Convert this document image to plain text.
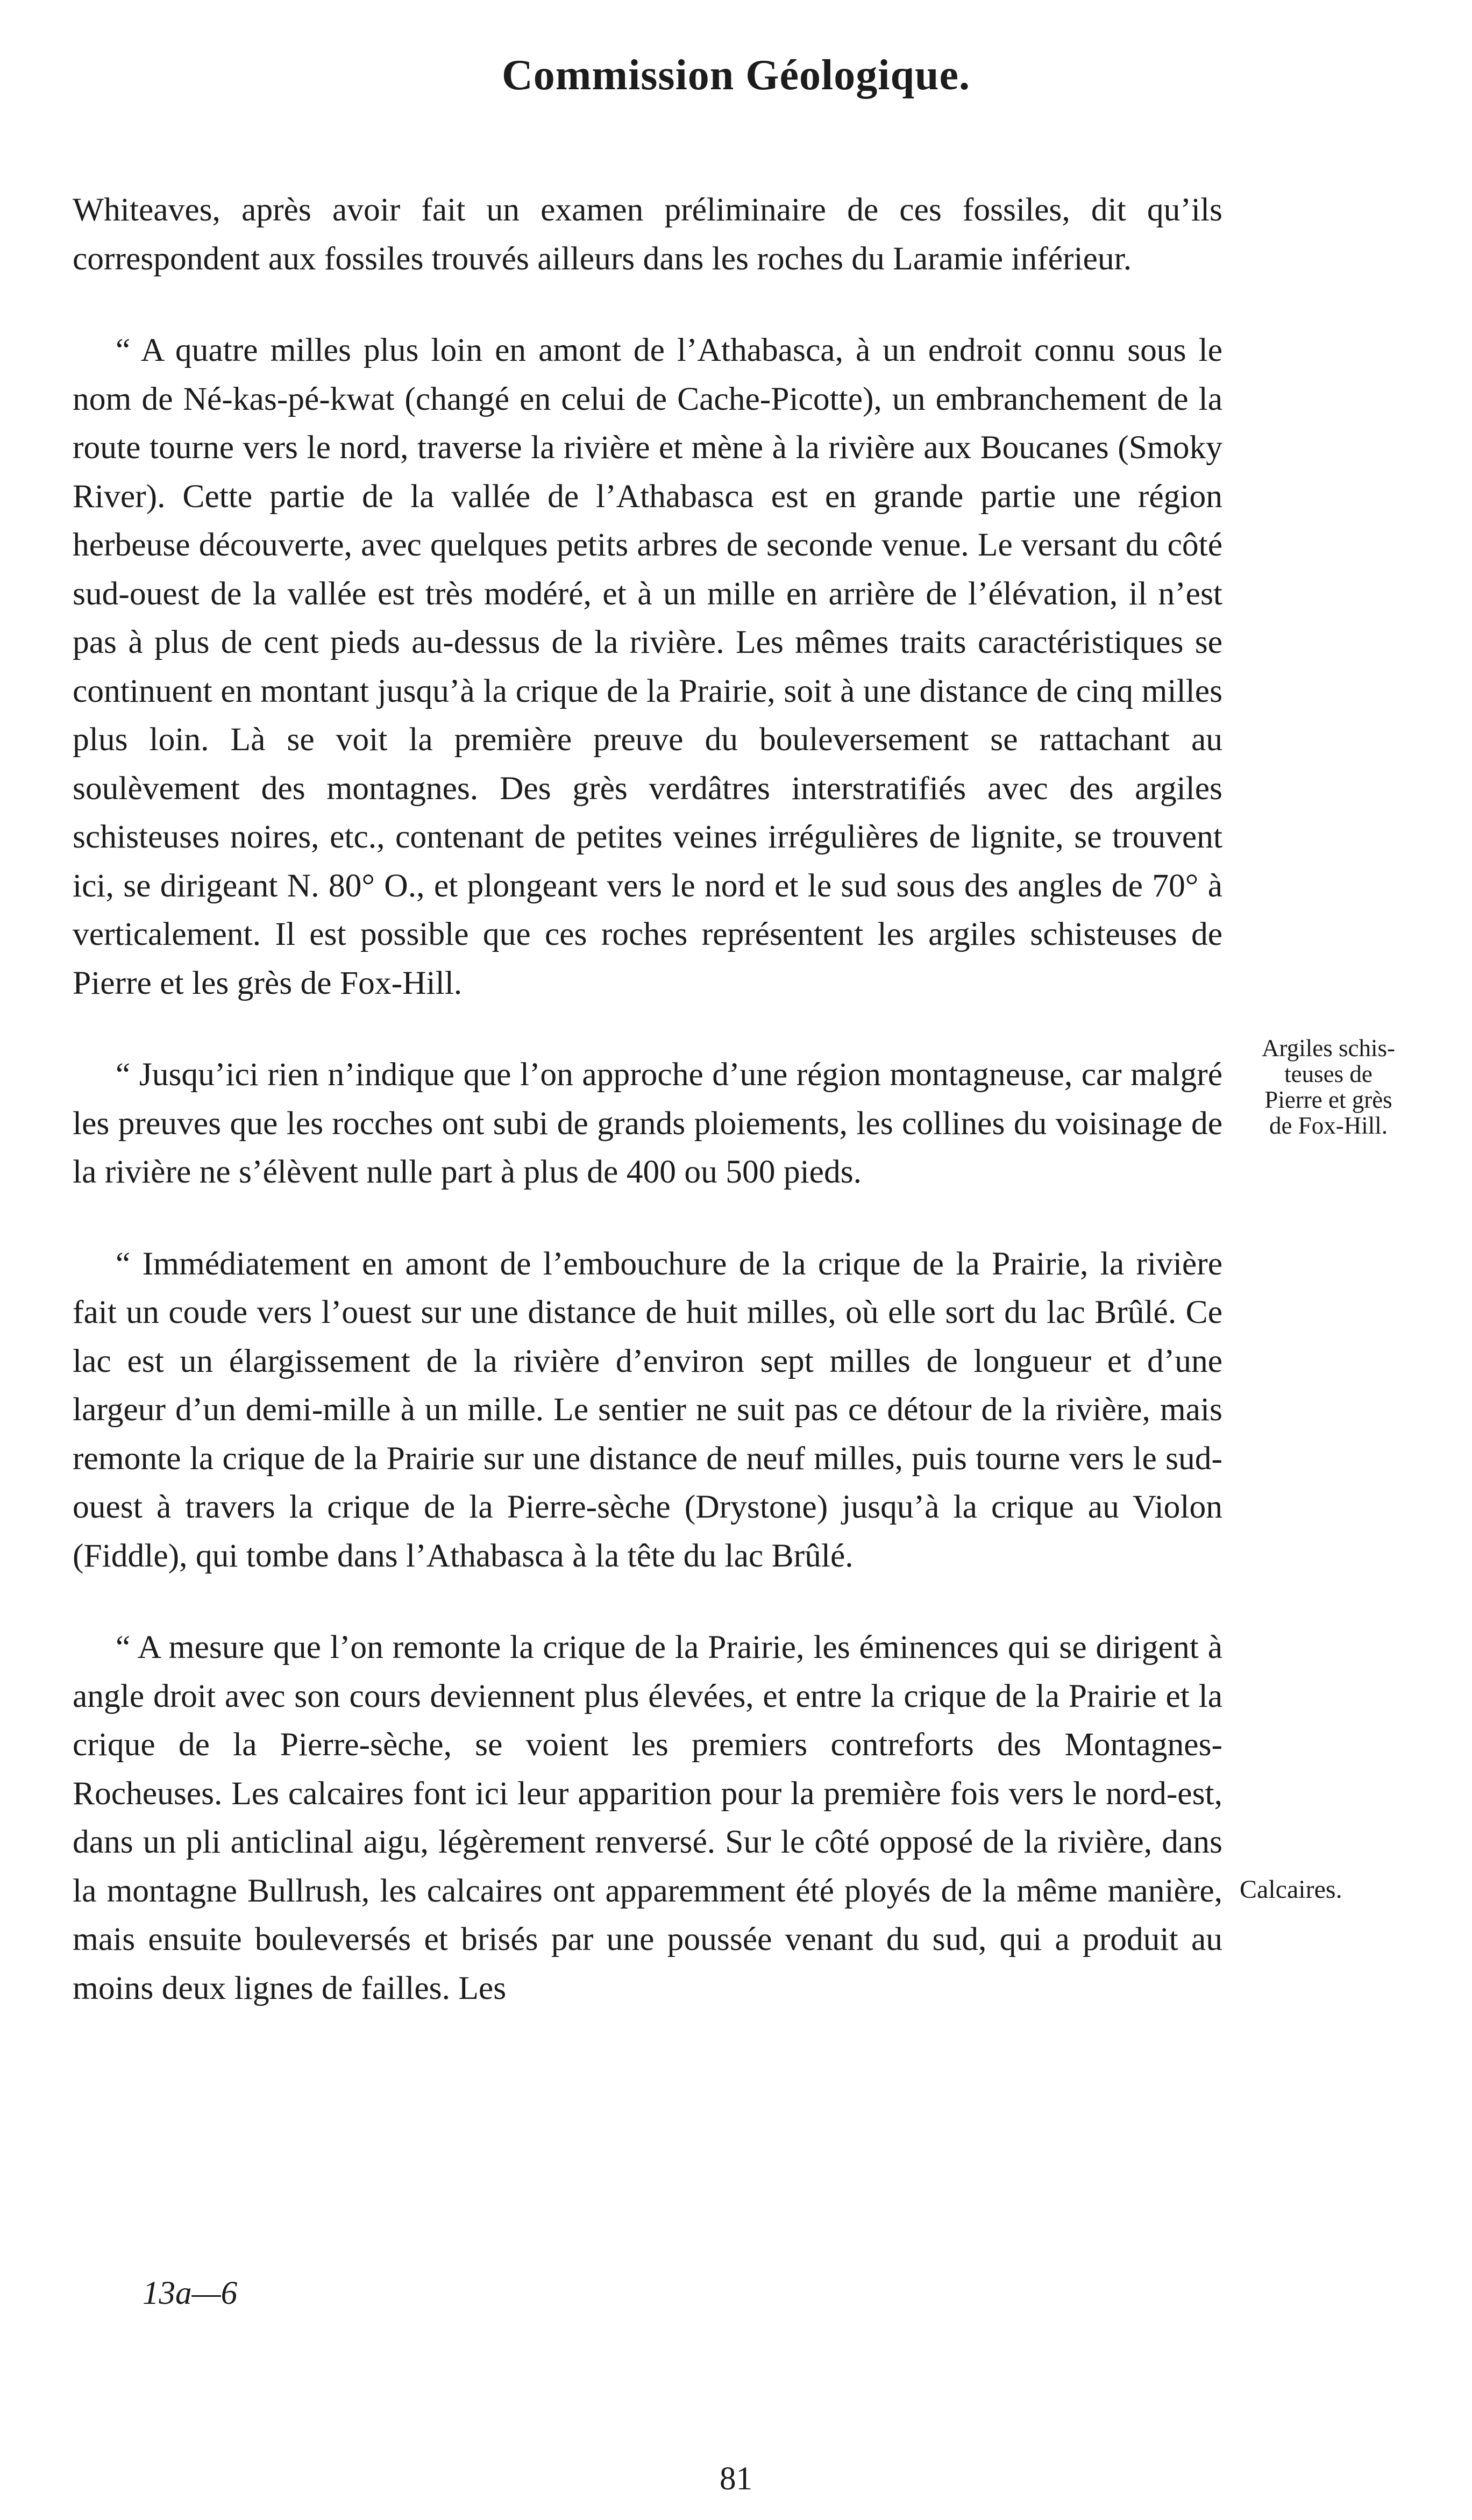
Commission Géologique.

Whiteaves, après avoir fait un examen préliminaire de ces fossiles, dit qu’ils correspondent aux fossiles trouvés ailleurs dans les roches du Laramie inférieur.

“ A quatre milles plus loin en amont de l’Athabasca, à un endroit connu sous le nom de Né-kas-pé-kwat (changé en celui de Cache-Picotte), un embranchement de la route tourne vers le nord, traverse la rivière et mène à la rivière aux Boucanes (Smoky River). Cette partie de la vallée de l’Athabasca est en grande partie une région herbeuse découverte, avec quelques petits arbres de seconde venue. Le versant du côté sud-ouest de la vallée est très modéré, et à un mille en arrière de l’élévation, il n’est pas à plus de cent pieds au-dessus de la rivière. Les mêmes traits caractéristiques se continuent en montant jusqu’à la crique de la Prairie, soit à une distance de cinq milles plus loin. Là se voit la première preuve du bouleversement se rattachant au soulèvement des montagnes. Des grès verdâtres interstratifiés avec des argiles schisteuses noires, etc., contenant de petites veines irrégulières de lignite, se trouvent ici, se dirigeant N. 80° O., et plongeant vers le nord et le sud sous des angles de 70° à verticalement. Il est possible que ces roches représentent les argiles schisteuses de Pierre et les grès de Fox-Hill.

“ Jusqu’ici rien n’indique que l’on approche d’une région montagneuse, car malgré les preuves que les rocches ont subi de grands ploiements, les collines du voisinage de la rivière ne s’élèvent nulle part à plus de 400 ou 500 pieds.

“ Immédiatement en amont de l’embouchure de la crique de la Prairie, la rivière fait un coude vers l’ouest sur une distance de huit milles, où elle sort du lac Brûlé. Ce lac est un élargissement de la rivière d’environ sept milles de longueur et d’une largeur d’un demi-mille à un mille. Le sentier ne suit pas ce détour de la rivière, mais remonte la crique de la Prairie sur une distance de neuf milles, puis tourne vers le sud-ouest à travers la crique de la Pierre-sèche (Drystone) jusqu’à la crique au Violon (Fiddle), qui tombe dans l’Athabasca à la tête du lac Brûlé.

“ A mesure que l’on remonte la crique de la Prairie, les éminences qui se dirigent à angle droit avec son cours deviennent plus élevées, et entre la crique de la Prairie et la crique de la Pierre-sèche, se voient les premiers contreforts des Montagnes-Rocheuses. Les calcaires font ici leur apparition pour la première fois vers le nord-est, dans un pli anticlinal aigu, légèrement renversé. Sur le côté opposé de la rivière, dans la montagne Bullrush, les calcaires ont apparemment été ployés de la même manière, mais ensuite bouleversés et brisés par une poussée venant du sud, qui a produit au moins deux lignes de failles. Les

Argiles schis-
teuses de
Pierre et grès
de Fox-Hill.
Calcaires.
13a—6
81
